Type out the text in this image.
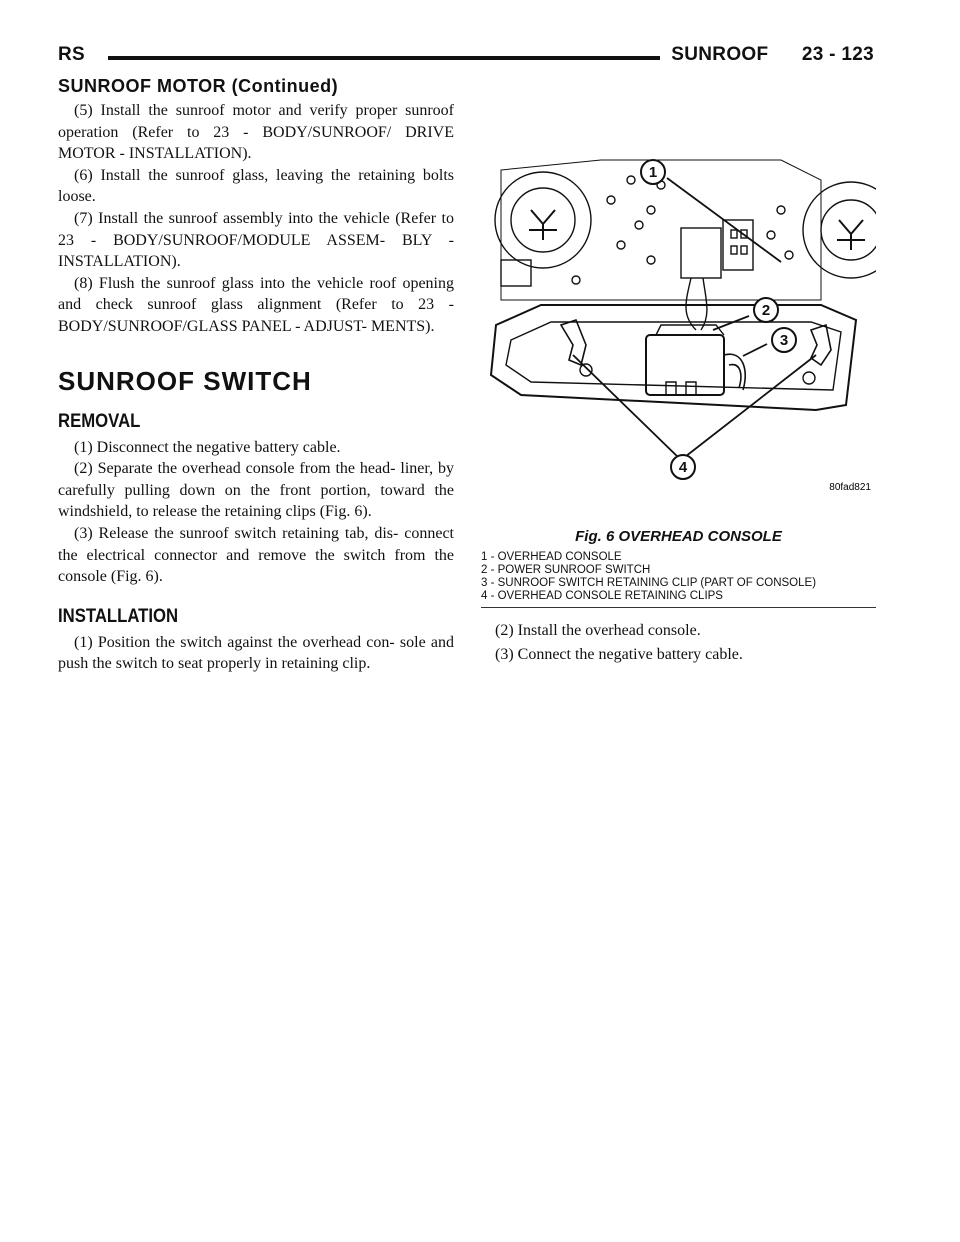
RS	SUNROOF      23 - 123
SUNROOF MOTOR (Continued)

(5) Install the sunroof motor and verify proper sunroof operation (Refer to 23 - BODY/SUNROOF/ DRIVE MOTOR - INSTALLATION).

(6) Install the sunroof glass, leaving the retaining bolts loose.

(7) Install the sunroof assembly into the vehicle (Refer to 23 - BODY/SUNROOF/MODULE ASSEM- BLY - INSTALLATION).

(8) Flush the sunroof glass into the vehicle roof opening and check sunroof glass alignment (Refer to 23 - BODY/SUNROOF/GLASS PANEL - ADJUST- MENTS).

SUNROOF SWITCH
REMOVAL

(1) Disconnect the negative battery cable.

(2) Separate the overhead console from the head- liner, by carefully pulling down on the front portion, toward the windshield, to release the retaining clips (Fig. 6).

(3) Release the sunroof switch retaining tab, dis- connect the electrical connector and remove the switch from the console (Fig. 6).

INSTALLATION

(1) Position the switch against the overhead con- sole and push the switch to seat properly in retaining clip.

1
2
3
4
80fad821
Fig. 6 OVERHEAD CONSOLE
1 - OVERHEAD CONSOLE
2 - POWER SUNROOF SWITCH
3 - SUNROOF SWITCH RETAINING CLIP (PART OF CONSOLE)
4 - OVERHEAD CONSOLE RETAINING CLIPS

(2) Install the overhead console.

(3) Connect the negative battery cable.
